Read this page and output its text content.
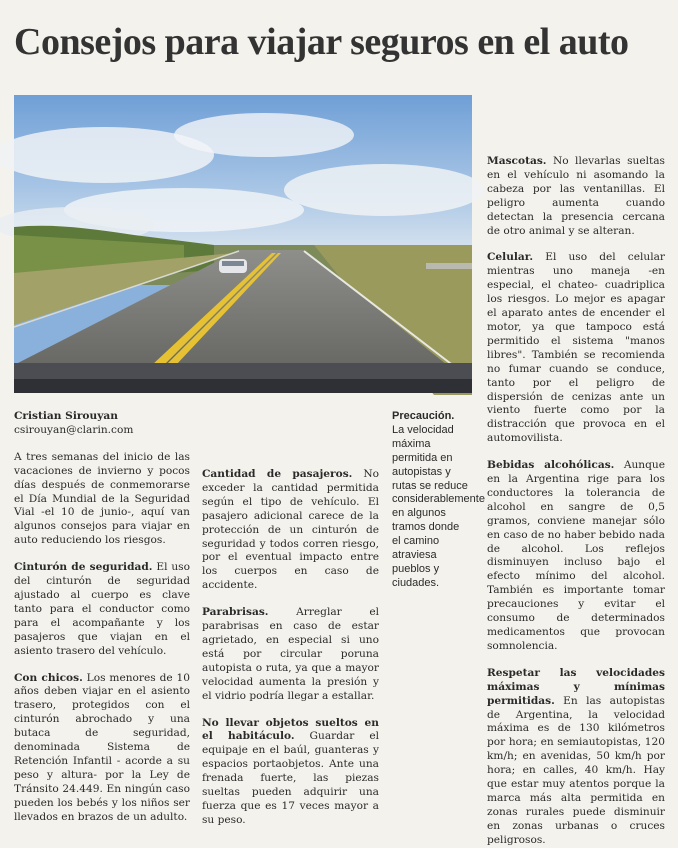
Consejos para viajar seguros en el auto

Cristian Sirouyan
csirouyan@clarin.com

A tres semanas del inicio de las vacaciones de invierno y pocos días después de conmemorarse el Día Mundial de la Seguridad Vial -el 10 de junio-, aquí van algunos consejos para viajar en auto reduciendo los riesgos.

Cinturón de seguridad. El uso del cinturón de seguridad ajustado al cuerpo es clave tanto para el conductor como para el acompañante y los pasajeros que viajan en el asiento trasero del vehículo.

Con chicos. Los menores de 10 años deben viajar en el asiento trasero, protegidos con el cinturón abrochado y una butaca de seguridad, denominada Sistema de Retención Infantil - acorde a su peso y altura- por la Ley de Tránsito 24.449. En ningún caso pueden los bebés y los niños ser llevados en brazos de un adulto.

Cantidad de pasajeros. No exceder la cantidad permitida según el tipo de vehículo. El pasajero adicional carece de la protección de un cinturón de seguridad y todos corren riesgo, por el eventual impacto entre los cuerpos en caso de accidente.

Parabrisas. Arreglar el parabrisas en caso de estar agrietado, en especial si uno está por circular poruna autopista o ruta, ya que a mayor velocidad aumenta la presión y el vidrio podría llegar a estallar.

No llevar objetos sueltos en el habitáculo. Guardar el equipaje en el baúl, guanteras y espacios portaobjetos. Ante una frenada fuerte, las piezas sueltas pueden adquirir una fuerza que es 17 veces mayor a su peso.

Precaución.
La velocidad máxima permitida en autopistas y rutas se reduce considerablemente en algunos tramos donde el camino atraviesa pueblos y ciudades.

Mascotas. No llevarlas sueltas en el vehículo ni asomando la cabeza por las ventanillas. El peligro aumenta cuando detectan la presencia cercana de otro animal y se alteran.

Celular. El uso del celular mientras uno maneja -en especial, el chateo- cuadriplica los riesgos. Lo mejor es apagar el aparato antes de encender el motor, ya que tampoco está permitido el sistema "manos libres". También se recomienda no fumar cuando se conduce, tanto por el peligro de dispersión de cenizas ante un viento fuerte como por la distracción que provoca en el automovilista.

Bebidas alcohólicas. Aunque en la Argentina rige para los conductores la tolerancia de alcohol en sangre de 0,5 gramos, conviene manejar sólo en caso de no haber bebido nada de alcohol. Los reflejos disminuyen incluso bajo el efecto mínimo del alcohol. También es importante tomar precauciones y evitar el consumo de determinados medicamentos que provocan somnolencia.

Respetar las velocidades máximas y mínimas permitidas. En las autopistas de Argentina, la velocidad máxima es de 130 kilómetros por hora; en semiautopistas, 120 km/h; en avenidas, 50 km/h por hora; en calles, 40 km/h. Hay que estar muy atentos porque la marca más alta permitida en zonas rurales puede disminuir en zonas urbanas o cruces peligrosos.
